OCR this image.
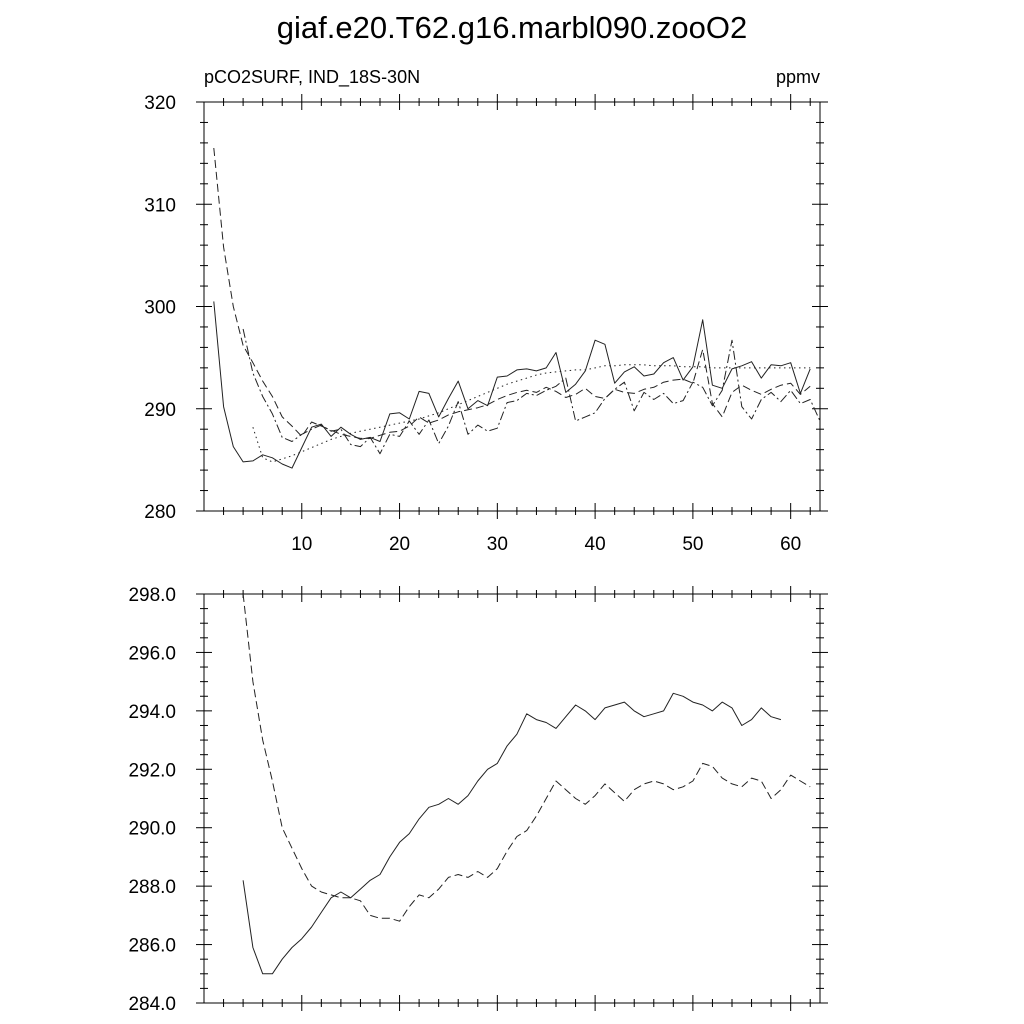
giaf.e20.T62.g16.marbl090.zooO2
pCO2SURF, IND_18S-30N	ppmv
280
290
300
310
320
10	20	30	40	50	60
284.0
286.0
288.0
290.0
292.0
294.0
296.0
298.0
